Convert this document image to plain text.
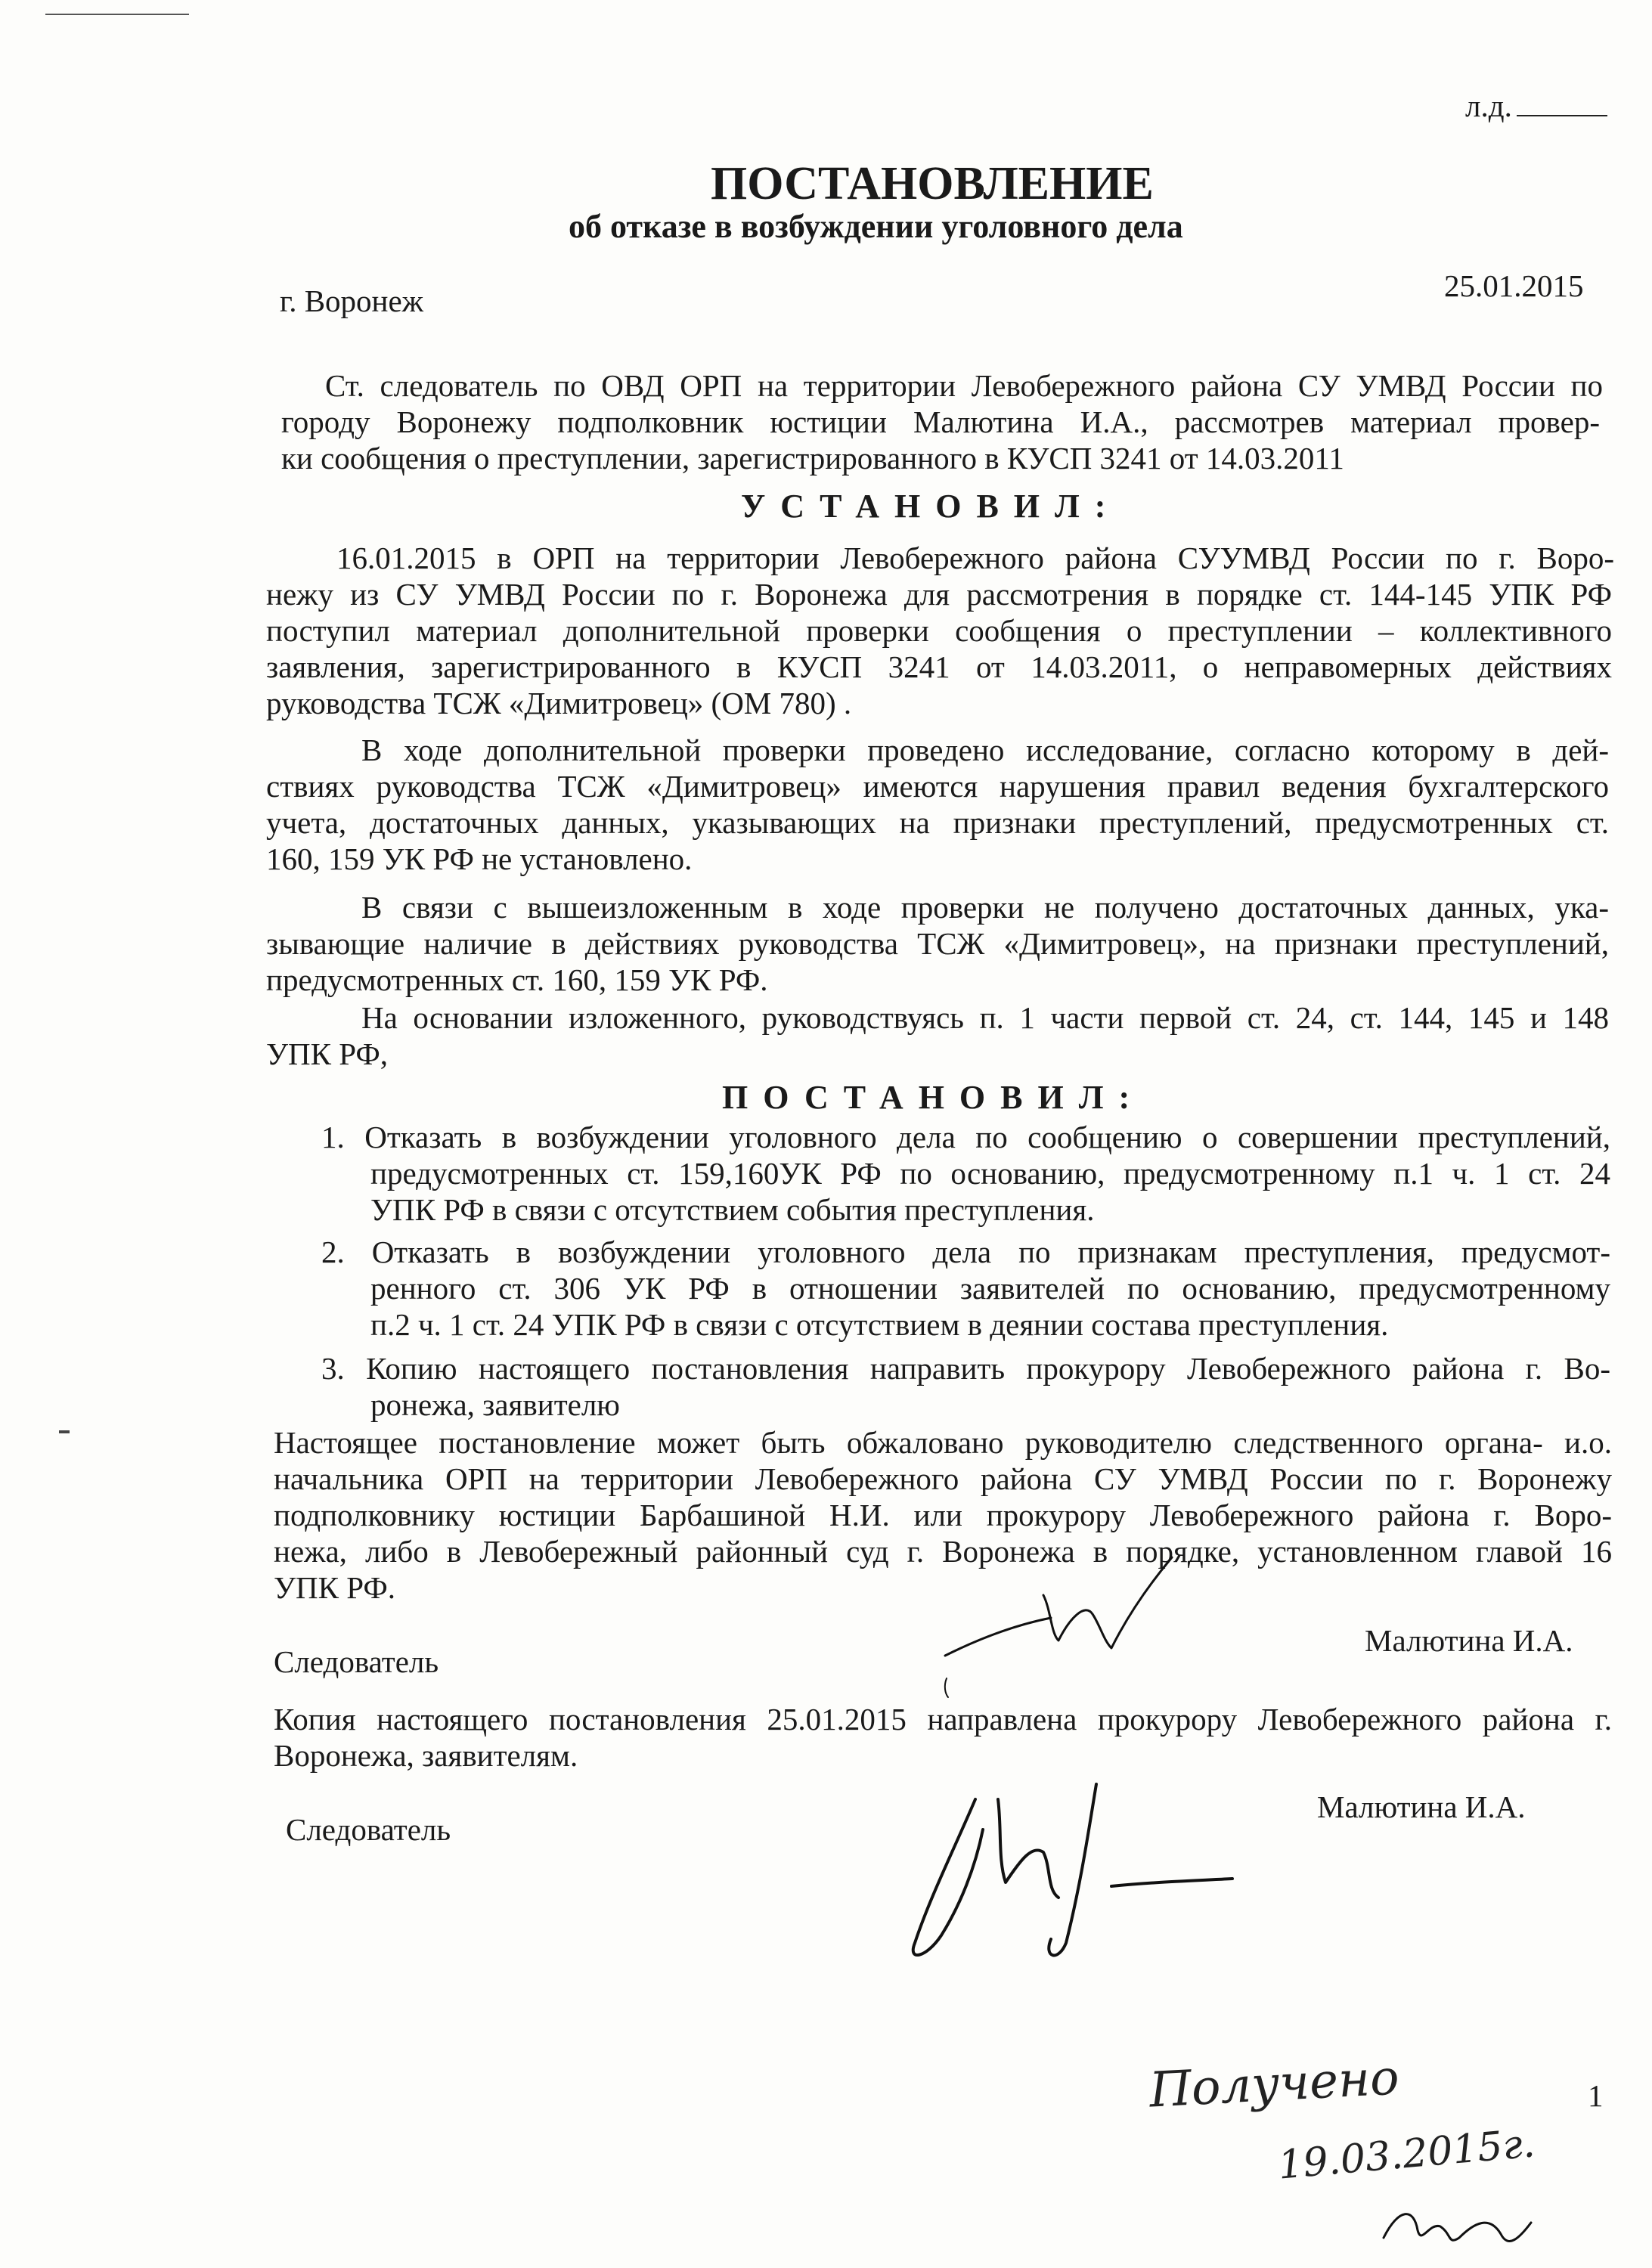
л.д.
ПОСТАНОВЛЕНИЕ
об отказе в возбуждении уголовного дела
г. Воронеж	25.01.2015
Ст. следователь по ОВД ОРП на территории Левобережного района СУ УМВД России по
городу Воронежу подполковник юстиции Малютина И.А., рассмотрев материал провер-
ки сообщения о преступлении, зарегистрированного в КУСП 3241 от 14.03.2011
УСТАНОВИЛ:
16.01.2015 в ОРП на территории Левобережного района СУУМВД России по г. Воро-
нежу из СУ УМВД России по г. Воронежа для рассмотрения в порядке ст. 144-145 УПК РФ
поступил материал дополнительной проверки сообщения о преступлении – коллективного
заявления, зарегистрированного в КУСП 3241 от 14.03.2011, о неправомерных действиях
руководства ТСЖ «Димитровец» (ОМ 780) .
В ходе дополнительной проверки проведено исследование, согласно которому в дей-
ствиях руководства ТСЖ «Димитровец» имеются нарушения правил ведения бухгалтерского
учета, достаточных данных, указывающих на признаки преступлений, предусмотренных ст.
160, 159 УК РФ не установлено.
В связи с вышеизложенным в ходе проверки не получено достаточных данных, ука-
зывающие наличие в действиях руководства ТСЖ «Димитровец», на признаки преступлений,
предусмотренных ст. 160, 159 УК РФ.
На основании изложенного, руководствуясь п. 1 части первой ст. 24, ст. 144, 145 и 148
УПК РФ,
ПОСТАНОВИЛ:
1. Отказать в возбуждении уголовного дела по сообщению о совершении преступлений,
предусмотренных ст. 159,160УК РФ по основанию, предусмотренному п.1 ч. 1 ст. 24
УПК РФ в связи с отсутствием события преступления.
2. Отказать в возбуждении уголовного дела по признакам преступления, предусмот-
ренного ст. 306 УК РФ в отношении заявителей по основанию, предусмотренному
п.2 ч. 1 ст. 24 УПК РФ в связи с отсутствием в деянии состава преступления.
3. Копию настоящего постановления направить прокурору Левобережного района г. Во-
ронежа, заявителю
Настоящее постановление может быть обжаловано руководителю следственного органа- и.о.
начальника ОРП на территории Левобережного района СУ УМВД России по г. Воронежу
подполковнику юстиции Барбашиной Н.И. или прокурору Левобережного района г. Воро-
нежа, либо в Левобережный районный суд г. Воронежа в порядке, установленном главой 16
УПК РФ.
Следователь
Малютина И.А.
Копия настоящего постановления 25.01.2015 направлена прокурору Левобережного района г.
Воронежа, заявителям.
Следователь
Малютина И.А.
Получено
19.03.2015г.
1
